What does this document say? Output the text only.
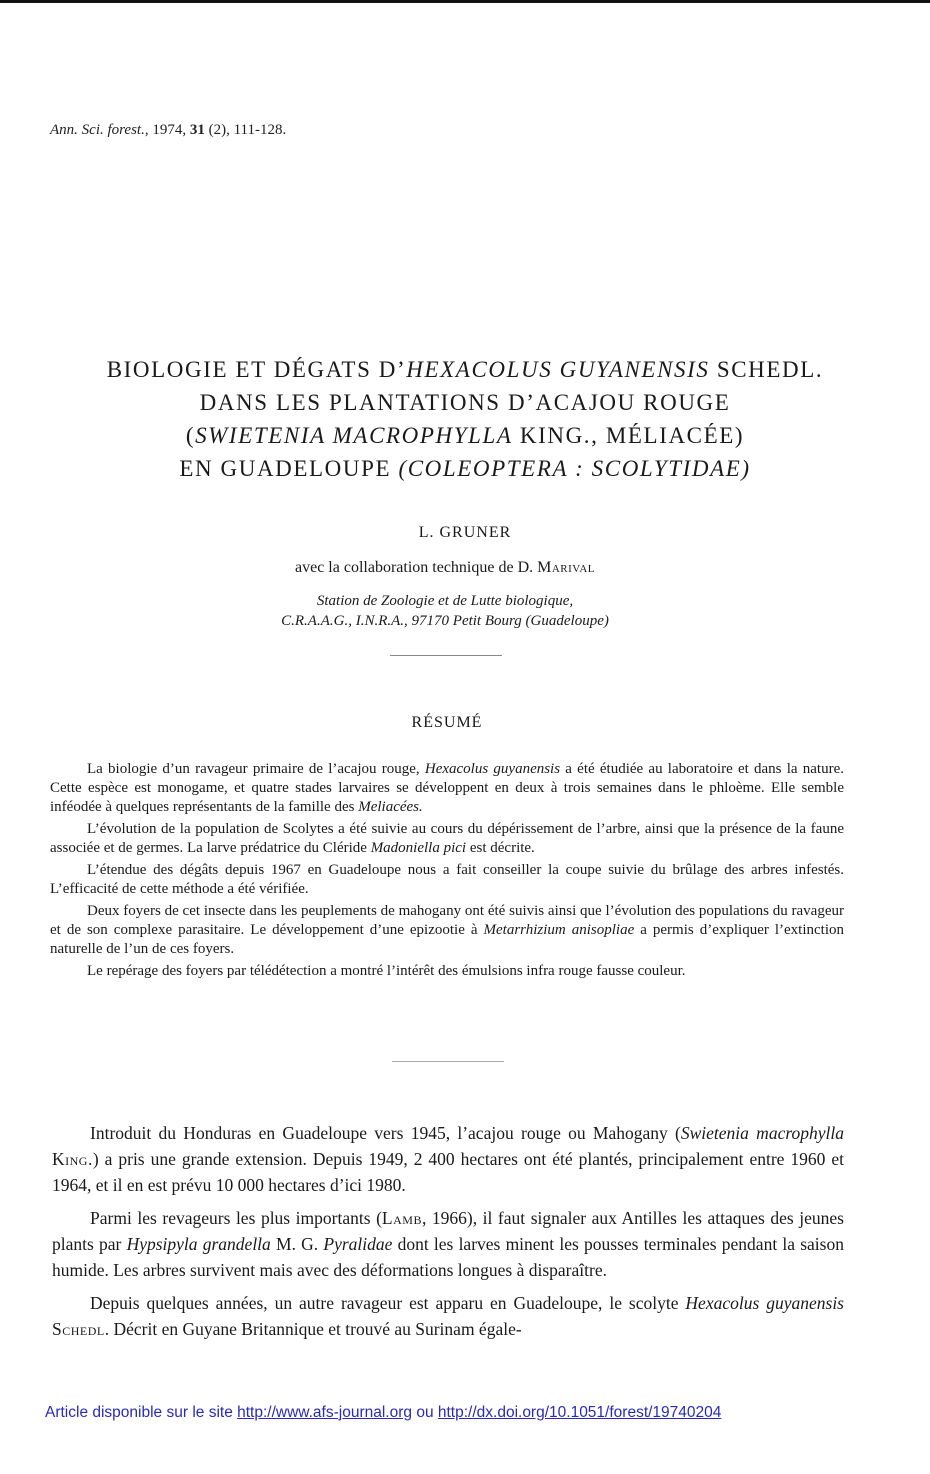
Ann. Sci. forest., 1974, 31 (2), 111-128.
BIOLOGIE ET DÉGATS D’HEXACOLUS GUYANENSIS SCHEDL.
DANS LES PLANTATIONS D’ACAJOU ROUGE
(SWIETENIA MACROPHYLLA KING., MÉLIACÉE)
EN GUADELOUPE (COLEOPTERA : SCOLYTIDAE)
L. GRUNER
avec la collaboration technique de D. Marival
Station de Zoologie et de Lutte biologique,
C.R.A.A.G., I.N.R.A., 97170 Petit Bourg (Guadeloupe)
RÉSUMÉ

La biologie d’un ravageur primaire de l’acajou rouge, Hexacolus guyanensis a été étudiée au laboratoire et dans la nature. Cette espèce est monogame, et quatre stades larvaires se développent en deux à trois semaines dans le phloème. Elle semble inféodée à quelques représentants de la famille des Meliacées.

L’évolution de la population de Scolytes a été suivie au cours du dépérissement de l’arbre, ainsi que la présence de la faune associée et de germes. La larve prédatrice du Cléride Madoniella pici est décrite.

L’étendue des dégâts depuis 1967 en Guadeloupe nous a fait conseiller la coupe suivie du brûlage des arbres infestés. L’efficacité de cette méthode a été vérifiée.

Deux foyers de cet insecte dans les peuplements de mahogany ont été suivis ainsi que l’évolution des populations du ravageur et de son complexe parasitaire. Le développement d’une epizootie à Metarrhizium anisopliae a permis d’expliquer l’extinction naturelle de l’un de ces foyers.

Le repérage des foyers par télédétection a montré l’intérêt des émulsions infra rouge fausse couleur.

Introduit du Honduras en Guadeloupe vers 1945, l’acajou rouge ou Mahogany (Swietenia macrophylla King.) a pris une grande extension. Depuis 1949, 2 400 hectares ont été plantés, principalement entre 1960 et 1964, et il en est prévu 10 000 hectares d’ici 1980.

Parmi les revageurs les plus importants (Lamb, 1966), il faut signaler aux Antilles les attaques des jeunes plants par Hypsipyla grandella M. G. Pyralidae dont les larves minent les pousses terminales pendant la saison humide. Les arbres survivent mais avec des déformations longues à disparaître.

Depuis quelques années, un autre ravageur est apparu en Guadeloupe, le scolyte Hexacolus guyanensis Schedl. Décrit en Guyane Britannique et trouvé au Surinam égale-

Article disponible sur le site http://www.afs-journal.org ou http://dx.doi.org/10.1051/forest/19740204
